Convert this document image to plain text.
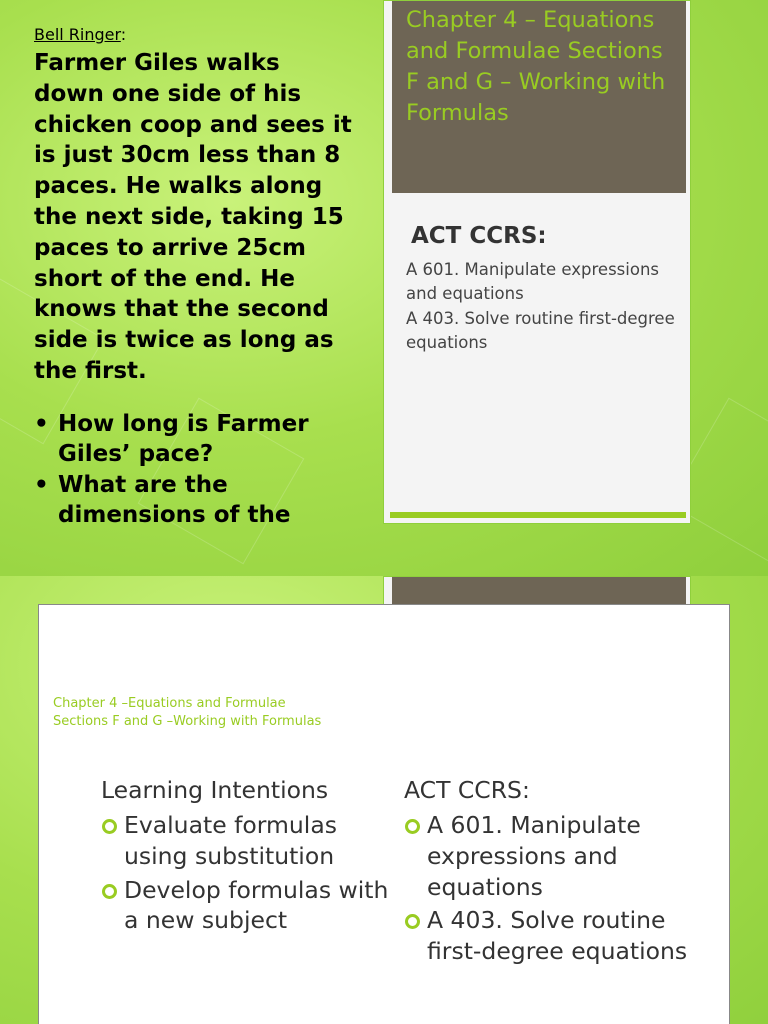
Bell Ringer:

Farmer Giles walks down one side of his chicken coop and sees it is just 30cm less than 8 paces. He walks along the next side, taking 15 paces to arrive 25cm short of the end. He knows that the second side is twice as long as the first.

• How long is Farmer Giles’ pace?
• What are the dimensions of the
Chapter 4 – Equations and Formulae Sections F and G – Working with Formulas
ACT CCRS:
A 601. Manipulate expressions and equations
A 403. Solve routine first-degree equations
Chapter 4 –Equations and Formulae
Sections F and G –Working with Formulas
Learning Intentions
Evaluate formulas using substitution
Develop formulas with a new subject
ACT CCRS:
A 601. Manipulate expressions and equations
A 403. Solve routine first-degree equations
